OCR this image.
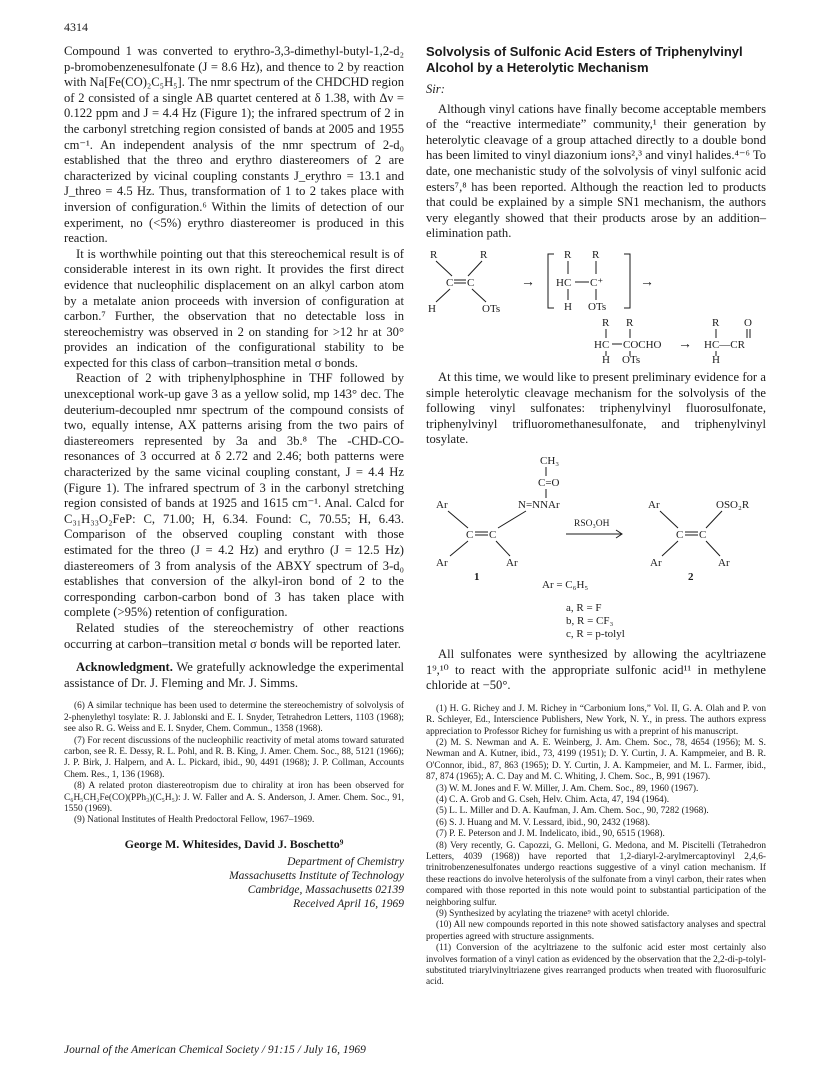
4314

Compound 1 was converted to erythro-3,3-dimethyl-butyl-1,2-d₂ p-bromobenzenesulfonate (J = 8.6 Hz), and thence to 2 by reaction with Na[Fe(CO)₂C₅H₅]. The nmr spectrum of the CHDCHD region of 2 consisted of a single AB quartet centered at δ 1.38, with Δν = 0.122 ppm and J = 4.4 Hz (Figure 1); the infrared spectrum of 2 in the carbonyl stretching region consisted of bands at 2005 and 1955 cm⁻¹. An independent analysis of the nmr spectrum of 2-d₀ established that the threo and erythro diastereomers of 2 are characterized by vicinal coupling constants J_erythro = 13.1 and J_threo = 4.5 Hz. Thus, transformation of 1 to 2 takes place with inversion of configuration.⁶ Within the limits of detection of our experiment, no (<5%) erythro diastereomer is produced in this reaction.

It is worthwhile pointing out that this stereochemical result is of considerable interest in its own right. It provides the first direct evidence that nucleophilic displacement on an alkyl carbon atom by a metalate anion proceeds with inversion of configuration at carbon.⁷ Further, the observation that no detectable loss in stereochemistry was observed in 2 on standing for >12 hr at 30° provides an indication of the configurational stability to be expected for this class of carbon–transition metal σ bonds.

Reaction of 2 with triphenylphosphine in THF followed by unexceptional work-up gave 3 as a yellow solid, mp 143° dec. The deuterium-decoupled nmr spectrum of the compound consists of two, equally intense, AX patterns arising from the two pairs of diastereomers represented by 3a and 3b.⁸ The -CHD-CO- resonances of 3 occurred at δ 2.72 and 2.46; both patterns were characterized by the same vicinal coupling constant, J = 4.4 Hz (Figure 1). The infrared spectrum of 3 in the carbonyl stretching region consisted of bands at 1925 and 1615 cm⁻¹. Anal. Calcd for C₃₁H₃₃O₂FeP: C, 71.00; H, 6.34. Found: C, 70.55; H, 6.43. Comparison of the observed coupling constant with those estimated for the threo (J = 4.2 Hz) and erythro (J = 12.5 Hz) diastereomers of 3 from analysis of the ABXY spectrum of 3-d₀ establishes that conversion of the alkyl-iron bond of 2 to the corresponding carbon-carbon bond of 3 has taken place with complete (>95%) retention of configuration.

Related studies of the stereochemistry of other reactions occurring at carbon–transition metal σ bonds will be reported later.

Acknowledgment. We gratefully acknowledge the experimental assistance of Dr. J. Fleming and Mr. J. Simms.

(6) A similar technique has been used to determine the stereochemistry of solvolysis of 2-phenylethyl tosylate: R. J. Jablonski and E. I. Snyder, Tetrahedron Letters, 1103 (1968); see also R. G. Weiss and E. I. Snyder, Chem. Commun., 1358 (1968).

(7) For recent discussions of the nucleophilic reactivity of metal atoms toward saturated carbon, see R. E. Dessy, R. L. Pohl, and R. B. King, J. Amer. Chem. Soc., 88, 5121 (1966); J. P. Birk, J. Halpern, and A. L. Pickard, ibid., 90, 4491 (1968); J. P. Collman, Accounts Chem. Res., 1, 136 (1968).

(8) A related proton diastereotropism due to chirality at iron has been observed for C₆H₅CH₂Fe(CO)(PPh₃)(C₅H₅): J. W. Faller and A. S. Anderson, J. Amer. Chem. Soc., 91, 1550 (1969).

(9) National Institutes of Health Predoctoral Fellow, 1967–1969.

George M. Whitesides, David J. Boschetto⁹
Department of Chemistry
Massachusetts Institute of Technology
Cambridge, Massachusetts 02139
Received April 16, 1969
Solvolysis of Sulfonic Acid Esters of Triphenylvinyl Alcohol by a Heterolytic Mechanism
Sir:

Although vinyl cations have finally become acceptable members of the “reactive intermediate” community,¹ their generation by heterolytic cleavage of a group attached directly to a double bond has been limited to vinyl diazonium ions²,³ and vinyl halides.⁴⁻⁶ To date, one mechanistic study of the solvolysis of vinyl sulfonic acid esters⁷,⁸ has been reported. Although the reaction led to products that could be explained by a simple SN1 mechanism, the authors very elegantly showed that their products arose by an addition–elimination path.

R	R
C C
H	OTs
→
R R
HC C⁺
H OTs
→
R R
HC COCHO
H OTs
→
R O
HC—CR
H

At this time, we would like to present preliminary evidence for a simple heterolytic cleavage mechanism for the solvolysis of the following vinyl sulfonates: triphenylvinyl fluorosulfonate, triphenylvinyl trifluoromethanesulfonate, and triphenylvinyl tosylate.

CH₃
C=O
Ar	N=NNAr
C C
Ar	Ar
1
RSO₃OH
Ar	OSO₂R
C C
Ar	Ar
2
Ar = C₆H₅
a, R = F
b, R = CF₃
c, R = p-tolyl

All sulfonates were synthesized by allowing the acyltriazene 1⁹,¹⁰ to react with the appropriate sulfonic acid¹¹ in methylene chloride at −50°.

(1) H. G. Richey and J. M. Richey in “Carbonium Ions,” Vol. II, G. A. Olah and P. von R. Schleyer, Ed., Interscience Publishers, New York, N. Y., in press. The authors express appreciation to Professor Richey for furnishing us with a preprint of his manuscript.

(2) M. S. Newman and A. E. Weinberg, J. Am. Chem. Soc., 78, 4654 (1956); M. S. Newman and A. Kutner, ibid., 73, 4199 (1951); D. Y. Curtin, J. A. Kampmeier, and B. R. O'Connor, ibid., 87, 863 (1965); D. Y. Curtin, J. A. Kampmeier, and M. L. Farmer, ibid., 87, 874 (1965); A. C. Day and M. C. Whiting, J. Chem. Soc., B, 991 (1967).

(3) W. M. Jones and F. W. Miller, J. Am. Chem. Soc., 89, 1960 (1967).

(4) C. A. Grob and G. Cseh, Helv. Chim. Acta, 47, 194 (1964).

(5) L. L. Miller and D. A. Kaufman, J. Am. Chem. Soc., 90, 7282 (1968).

(6) S. J. Huang and M. V. Lessard, ibid., 90, 2432 (1968).

(7) P. E. Peterson and J. M. Indelicato, ibid., 90, 6515 (1968).

(8) Very recently, G. Capozzi, G. Melloni, G. Medona, and M. Piscitelli (Tetrahedron Letters, 4039 (1968)) have reported that 1,2-diaryl-2-arylmercaptovinyl 2,4,6-trinitrobenzenesulfonates undergo reactions suggestive of a vinyl cation mechanism. If these reactions do involve heterolysis of the sulfonate from a vinyl carbon, their rates when compared with those reported in this note would point to substantial participation of the neighboring sulfur.

(9) Synthesized by acylating the triazene⁹ with acetyl chloride.

(10) All new compounds reported in this note showed satisfactory analyses and spectral properties agreed with structure assignments.

(11) Conversion of the acyltriazene to the sulfonic acid ester most certainly also involves formation of a vinyl cation as evidenced by the observation that the 2,2-di-p-tolyl-substituted triarylvinyltriazene gives rearranged products when treated with fluorosulfuric acid.

Journal of the American Chemical Society / 91:15 / July 16, 1969
